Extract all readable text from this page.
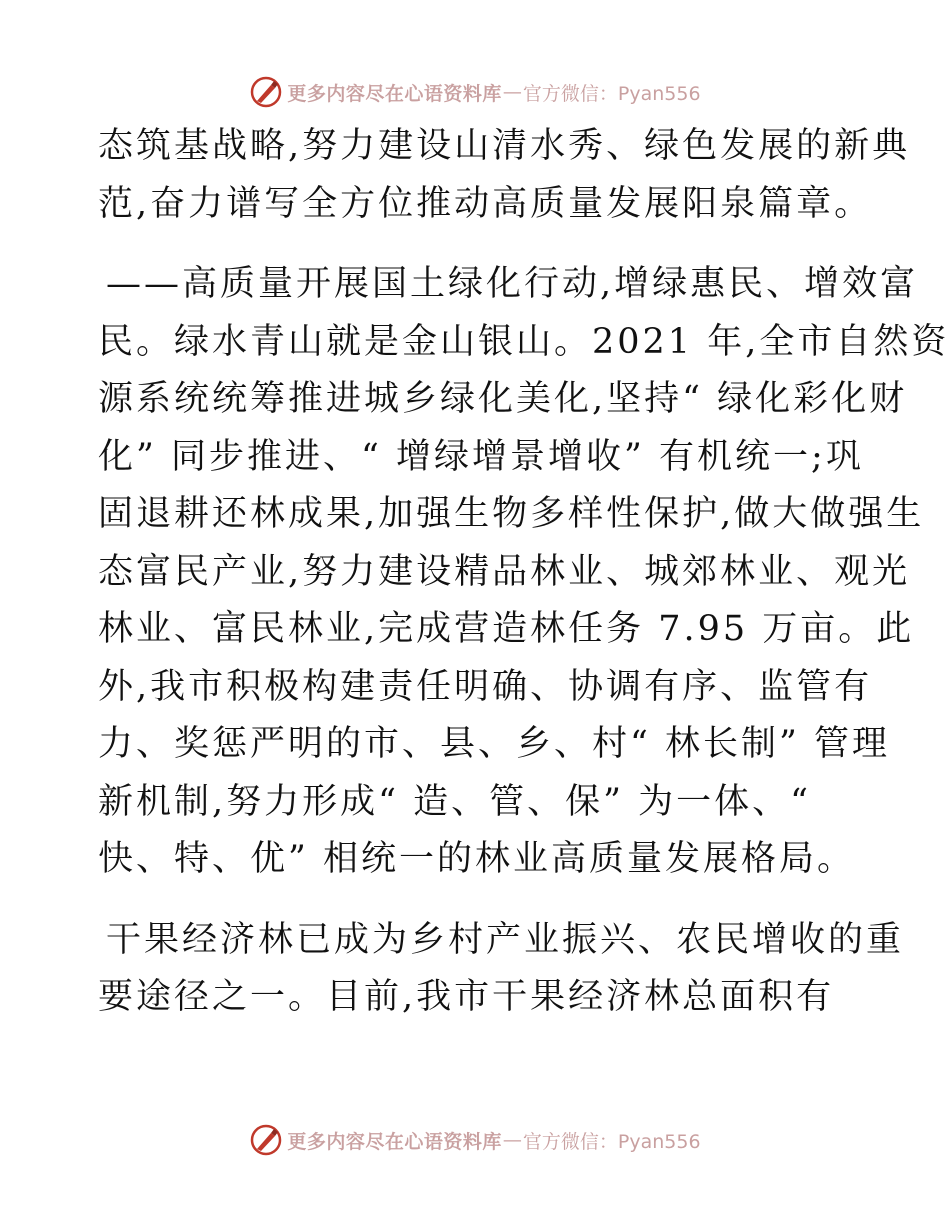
更多内容尽在心语资料库 — 官方微信：Pyan556
态筑基战略,努力建设山清水秀、绿色发展的新典
范,奋力谱写全方位推动高质量发展阳泉篇章。
——高质量开展国土绿化行动,增绿惠民、增效富
民。绿水青山就是金山银山。2021 年,全市自然资
源系统统筹推进城乡绿化美化,坚持“ 绿化彩化财
化” 同步推进、“ 增绿增景增收” 有机统一;巩
固退耕还林成果,加强生物多样性保护,做大做强生
态富民产业,努力建设精品林业、城郊林业、观光
林业、富民林业,完成营造林任务 7.95 万亩。此
外,我市积极构建责任明确、协调有序、监管有
力、奖惩严明的市、县、乡、村“ 林长制” 管理
新机制,努力形成“ 造、管、保” 为一体、“
快、特、优” 相统一的林业高质量发展格局。
干果经济林已成为乡村产业振兴、农民增收的重
要途径之一。目前,我市干果经济林总面积有
更多内容尽在心语资料库 — 官方微信：Pyan556
